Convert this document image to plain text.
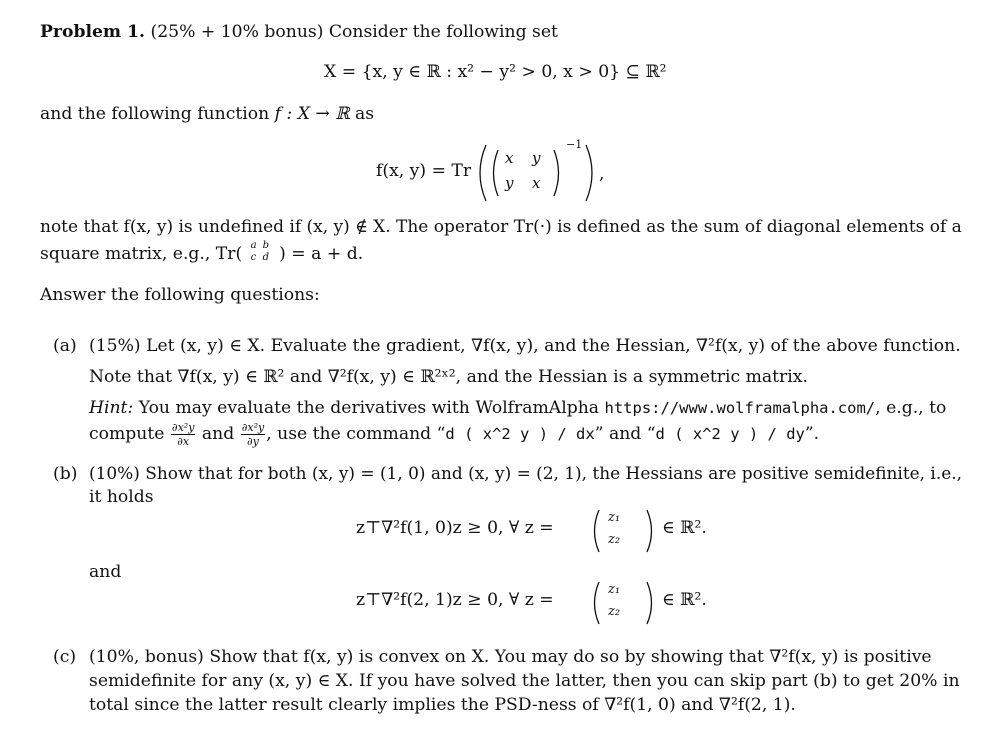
Problem 1. (25% + 10% bonus) Consider the following set
X = {x, y ∈ ℝ : x² − y² > 0, x > 0} ⊆ ℝ²
and the following function f : X → ℝ as
f(x, y) = Tr
x y
y x
−1
,
note that f(x, y) is undefined if (x, y) ∉ X. The operator Tr(·) is defined as the sum of diagonal elements of a
square matrix, e.g., Tr( a b
c d ) = a + d.
Answer the following questions:
(a) (15%) Let (x, y) ∈ X. Evaluate the gradient, ∇f(x, y), and the Hessian, ∇²f(x, y) of the above function.
Note that ∇f(x, y) ∈ ℝ² and ∇²f(x, y) ∈ ℝ²ˣ², and the Hessian is a symmetric matrix.
Hint: You may evaluate the derivatives with WolframAlpha https://www.wolframalpha.com/, e.g., to
compute $\frac{\text{∂x²y}}{\partial x}$ and $\frac{\text{∂x²y}}{\partial y}$ , use the command “d ( x^2 y ) / dx” and “d ( x^2 y ) / dy”.
(b) (10%) Show that for both (x, y) = (1, 0) and (x, y) = (2, 1), the Hessians are positive semidefinite, i.e.,
it holds
z⊤∇²f(1, 0)z ≥ 0, ∀ z =
z₁
z₂
∈ ℝ².
and
z⊤∇²f(2, 1)z ≥ 0, ∀ z =
z₁
z₂
∈ ℝ².
(c) (10%, bonus) Show that f(x, y) is convex on X. You may do so by showing that ∇²f(x, y) is positive
semidefinite for any (x, y) ∈ X. If you have solved the latter, then you can skip part (b) to get 20% in
total since the latter result clearly implies the PSD-ness of ∇²f(1, 0) and ∇²f(2, 1).
